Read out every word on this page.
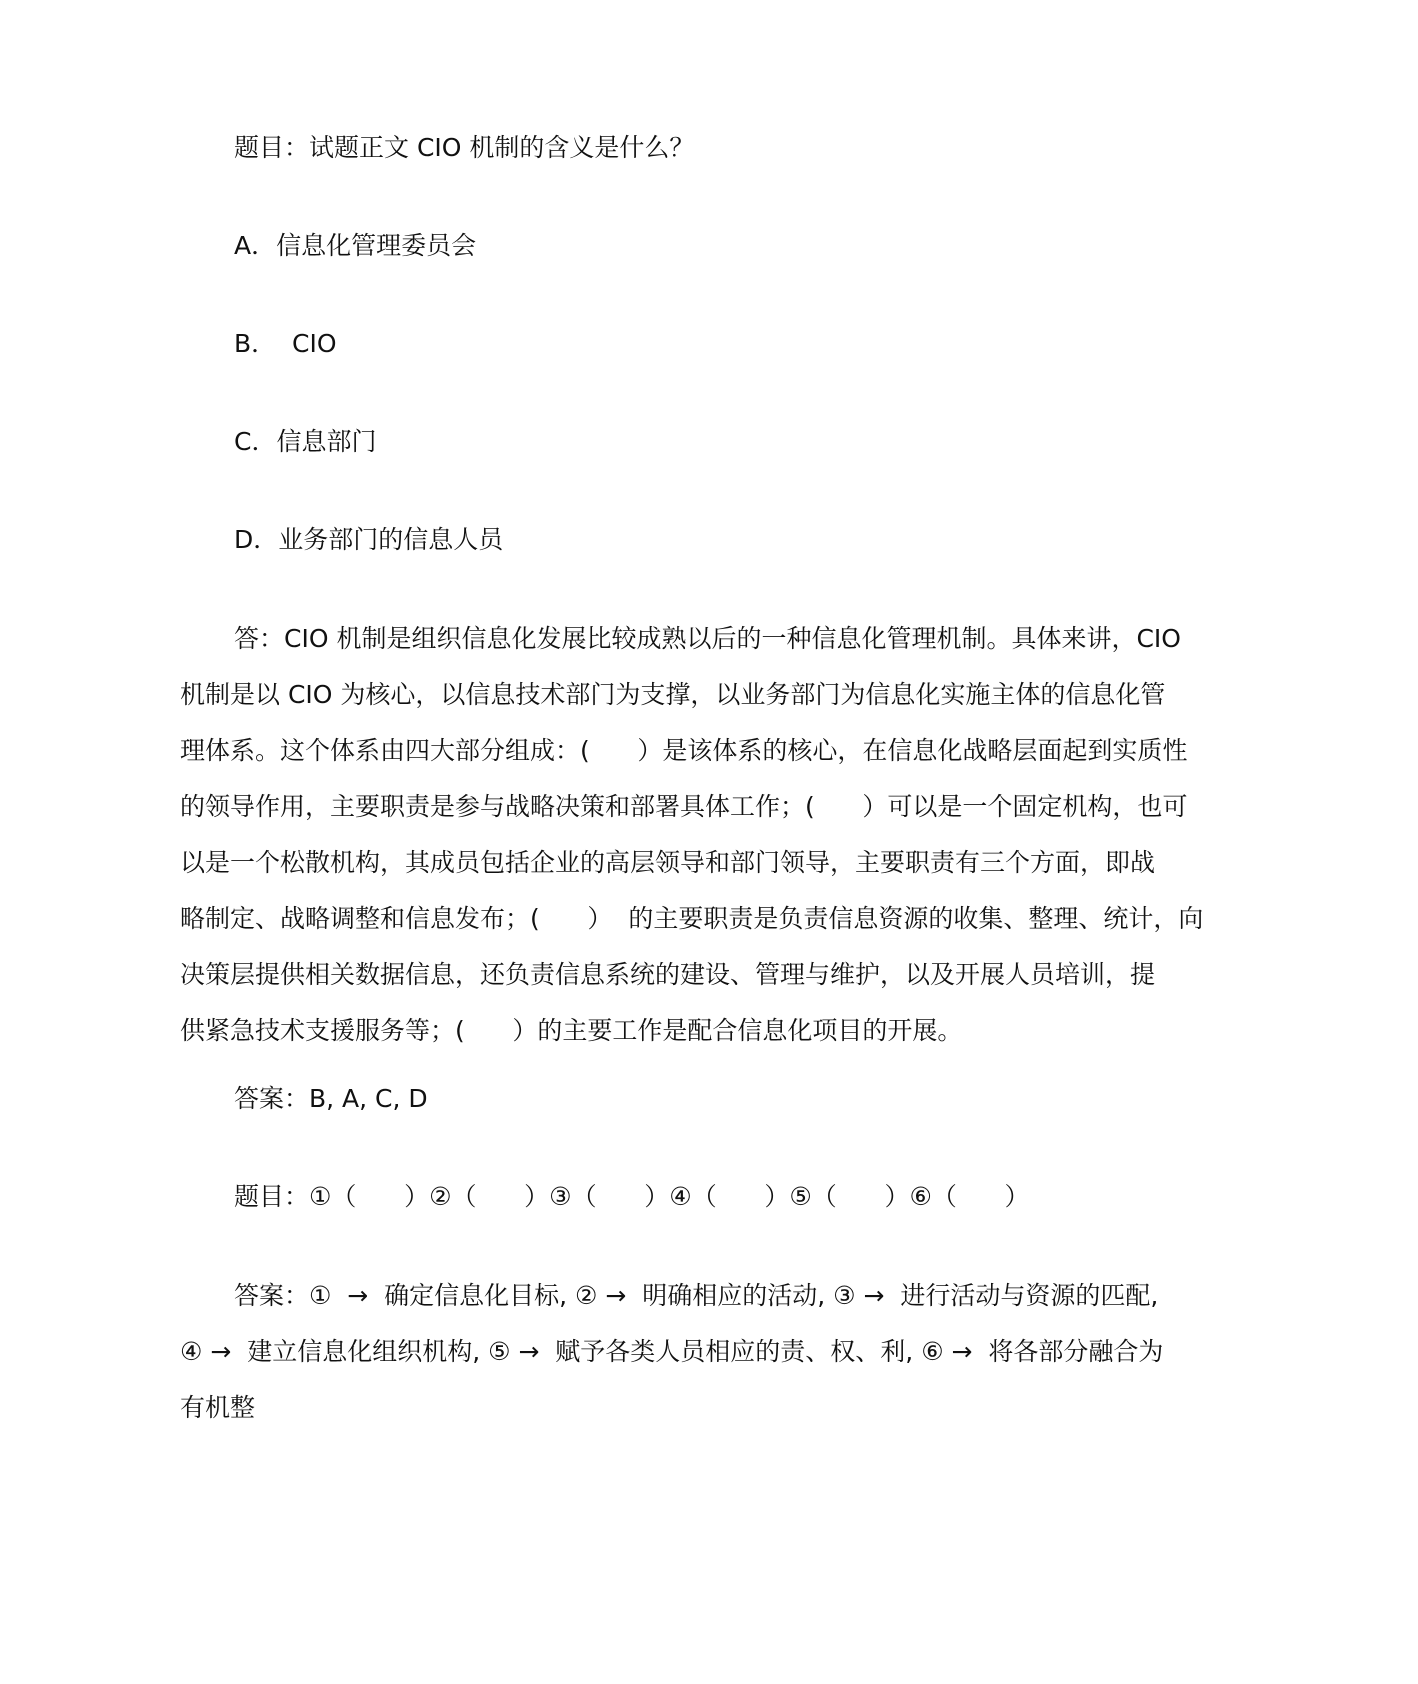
题目：试题正文 CIO 机制的含义是什么？
A．信息化管理委员会
B．  CIO
C．信息部门
D．业务部门的信息人员
答：CIO 机制是组织信息化发展比较成熟以后的一种信息化管理机制。具体来讲，CIO
机制是以 CIO 为核心，以信息技术部门为支撑，以业务部门为信息化实施主体的信息化管
理体系。这个体系由四大部分组成：(      ）是该体系的核心，在信息化战略层面起到实质性
的领导作用，主要职责是参与战略决策和部署具体工作；(      ）可以是一个固定机构，也可
以是一个松散机构，其成员包括企业的高层领导和部门领导，主要职责有三个方面，即战
略制定、战略调整和信息发布；(      ）  的主要职责是负责信息资源的收集、整理、统计，向
决策层提供相关数据信息，还负责信息系统的建设、管理与维护，以及开展人员培训，提
供紧急技术支援服务等；(      ）的主要工作是配合信息化项目的开展。
答案：B, A, C, D
题目：①（      ）②（      ）③（      ）④（      ）⑤（      ）⑥（      ）
答案：①  →  确定信息化目标, ② →  明确相应的活动, ③ →  进行活动与资源的匹配,
④ →  建立信息化组织机构, ⑤ →  赋予各类人员相应的责、权、利, ⑥ →  将各部分融合为
有机整
